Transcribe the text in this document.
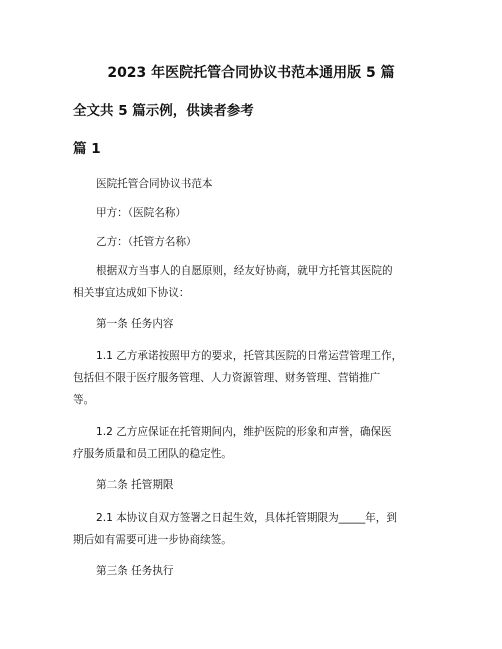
2023 年医院托管合同协议书范本通用版 5 篇
全文共 5 篇示例，供读者参考
篇 1
医院托管合同协议书范本
甲方：（医院名称）
乙方：（托管方名称）
根据双方当事人的自愿原则，经友好协商，就甲方托管其医院的
相关事宜达成如下协议：
第一条 任务内容
1.1 乙方承诺按照甲方的要求，托管其医院的日常运营管理工作，
包括但不限于医疗服务管理、人力资源管理、财务管理、营销推广
等。
1.2 乙方应保证在托管期间内，维护医院的形象和声誉，确保医
疗服务质量和员工团队的稳定性。
第二条 托管期限
2.1 本协议自双方签署之日起生效，具体托管期限为_____年，到
期后如有需要可进一步协商续签。
第三条 任务执行
